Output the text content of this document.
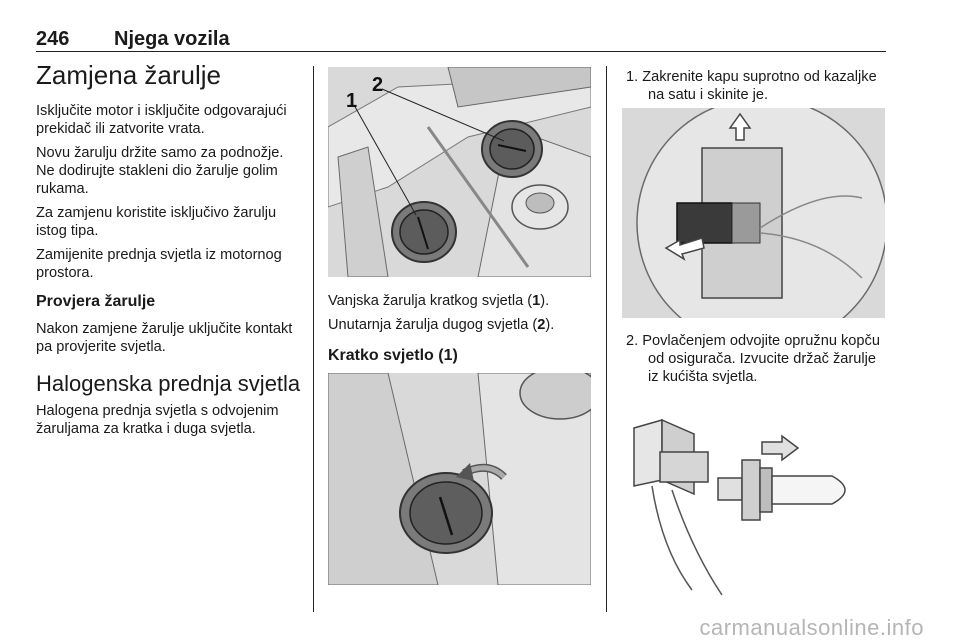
246 Njega vozila
Zamjena žarulje

Isključite motor i isključite odgovarajući prekidač ili zatvorite vrata.

Novu žarulju držite samo za podnožje. Ne dodirujte stakleni dio žarulje golim rukama.

Za zamjenu koristite isključivo žarulju istog tipa.

Zamijenite prednja svjetla iz motornog prostora.

Provjera žarulje

Nakon zamjene žarulje uključite kontakt pa provjerite svjetla.

Halogenska prednja svjetla

Halogena prednja svjetla s odvojenim žaruljama za kratka i duga svjetla.

1
2

Vanjska žarulja kratkog svjetla (1).

Unutarnja žarulja dugog svjetla (2).

Kratko svjetlo (1)
1. Zakrenite kapu suprotno od kazaljke na satu i skinite je.
2. Povlačenjem odvojite opružnu kopču od osigurača. Izvucite držač žarulje iz kućišta svjetla.
carmanualsonline.info
